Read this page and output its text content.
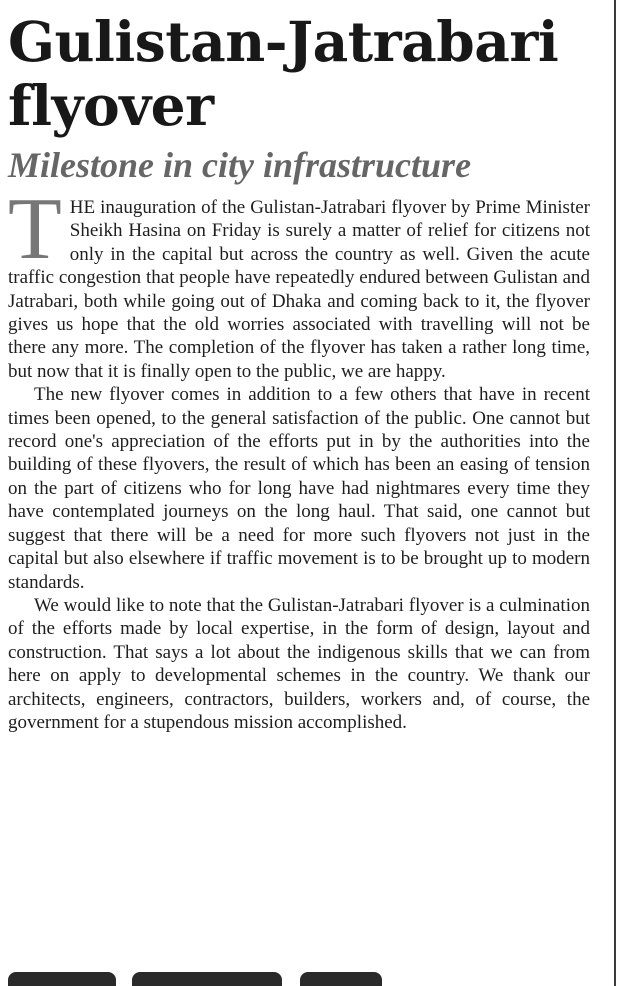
Gulistan-Jatrabari flyover
Milestone in city infrastructure

THE inauguration of the Gulistan-Jatrabari flyover by Prime Minister Sheikh Hasina on Friday is surely a matter of relief for citizens not only in the capital but across the country as well. Given the acute traffic congestion that people have repeatedly endured between Gulistan and Jatrabari, both while going out of Dhaka and coming back to it, the flyover gives us hope that the old worries associated with travelling will not be there any more. The completion of the flyover has taken a rather long time, but now that it is finally open to the public, we are happy.

The new flyover comes in addition to a few others that have in recent times been opened, to the general satisfaction of the public. One cannot but record one's appreciation of the efforts put in by the authorities into the building of these flyovers, the result of which has been an easing of tension on the part of citizens who for long have had nightmares every time they have contemplated journeys on the long haul. That said, one cannot but suggest that there will be a need for more such flyovers not just in the capital but also elsewhere if traffic movement is to be brought up to modern standards.

We would like to note that the Gulistan-Jatrabari flyover is a culmination of the efforts made by local expertise, in the form of design, layout and construction. That says a lot about the indigenous skills that we can from here on apply to developmental schemes in the country. We thank our architects, engineers, contractors, builders, workers and, of course, the government for a stupendous mission accomplished.
